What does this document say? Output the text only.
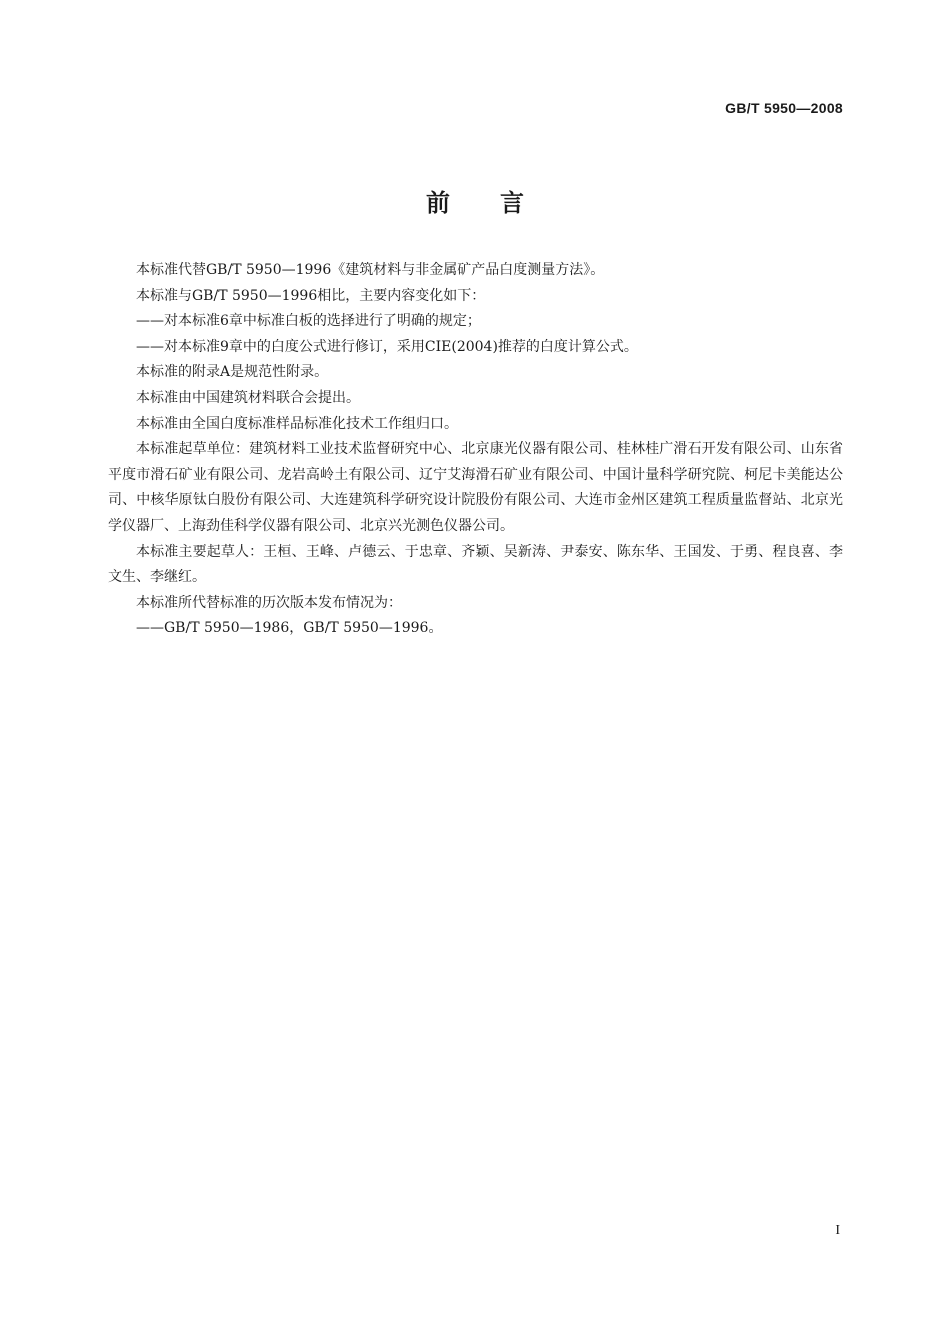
GB/T 5950—2008
前 言

本标准代替GB/T 5950—1996《建筑材料与非金属矿产品白度测量方法》。

本标准与GB/T 5950—1996相比，主要内容变化如下：

——对本标准6章中标准白板的选择进行了明确的规定；

——对本标准9章中的白度公式进行修订，采用CIE(2004)推荐的白度计算公式。

本标准的附录A是规范性附录。

本标准由中国建筑材料联合会提出。

本标准由全国白度标准样品标准化技术工作组归口。

本标准起草单位：建筑材料工业技术监督研究中心、北京康光仪器有限公司、桂林桂广滑石开发有限公司、山东省平度市滑石矿业有限公司、龙岩高岭土有限公司、辽宁艾海滑石矿业有限公司、中国计量科学研究院、柯尼卡美能达公司、中核华原钛白股份有限公司、大连建筑科学研究设计院股份有限公司、大连市金州区建筑工程质量监督站、北京光学仪器厂、上海劲佳科学仪器有限公司、北京兴光测色仪器公司。

本标准主要起草人：王桓、王峰、卢德云、于忠章、齐颖、吴新涛、尹泰安、陈东华、王国发、于勇、程良喜、李文生、李继红。

本标准所代替标准的历次版本发布情况为：

——GB/T 5950—1986，GB/T 5950—1996。

I
